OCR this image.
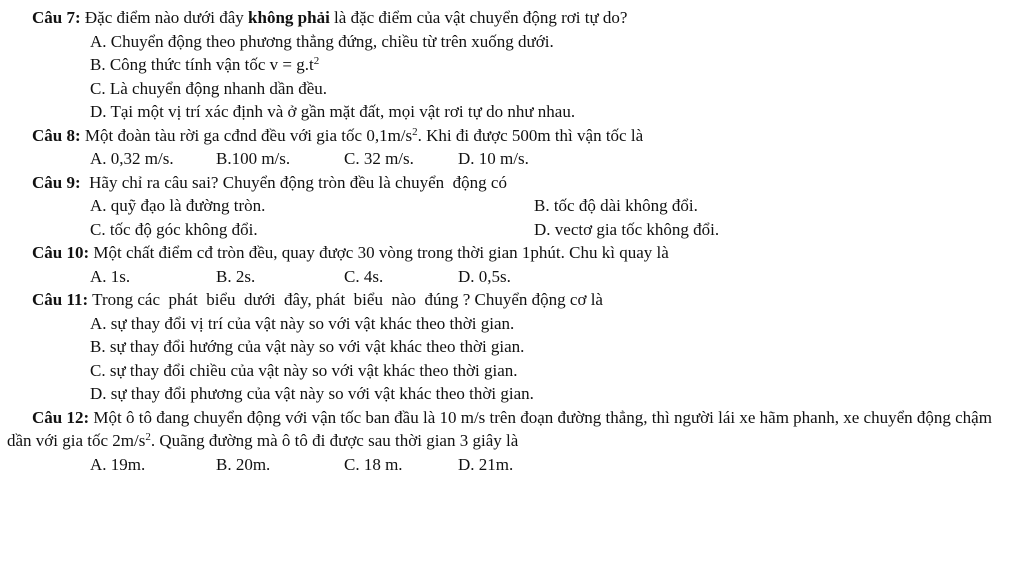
Câu 7: Đặc điểm nào dưới đây không phải là đặc điểm của vật chuyển động rơi tự do?

A. Chuyển động theo phương thẳng đứng, chiều từ trên xuống dưới.

B. Công thức tính vận tốc $v = g.t^2$

C. Là chuyển động nhanh dần đều.

D. Tại một vị trí xác định và ở gần mặt đất, mọi vật rơi tự do như nhau.

Câu 8: Một đoàn tàu rời ga cđnd đều với gia tốc $0,1m/s^2$. Khi đi được 500m thì vận tốc là

A. 0,32 m/s.	B.100 m/s.	C. 32 m/s.	D. 10 m/s.

Câu 9:  Hãy chỉ ra câu sai? Chuyển động tròn đều là chuyển  động có

A. quỹ đạo là đường tròn.	B. tốc độ dài không đổi.
C. tốc độ góc không đổi.	D. vectơ gia tốc không đổi.

Câu 10: Một chất điểm cđ tròn đều, quay được 30 vòng trong thời gian 1phút. Chu kì quay là

A. 1s.	B. 2s.	C. 4s.	D. 0,5s.

Câu 11: Trong các  phát  biểu  dưới  đây, phát  biểu  nào  đúng ? Chuyển động cơ là

A. sự thay đổi vị trí của vật này so với vật khác theo thời gian.

B. sự thay đổi hướng của vật này so với vật khác theo thời gian.

C. sự thay đổi chiều của vật này so với vật khác theo thời gian.

D. sự thay đổi phương của vật này so với vật khác theo thời gian.

Câu 12: Một ô tô đang chuyển động với vận tốc ban đầu là 10 m/s trên đoạn đường thẳng, thì người lái xe hãm phanh, xe chuyển động chậm dần với gia tốc $2m/s^2$. Quãng đường mà ô tô đi được sau thời gian 3 giây là

A. 19m.	B. 20m.	C. 18 m.	D. 21m.
